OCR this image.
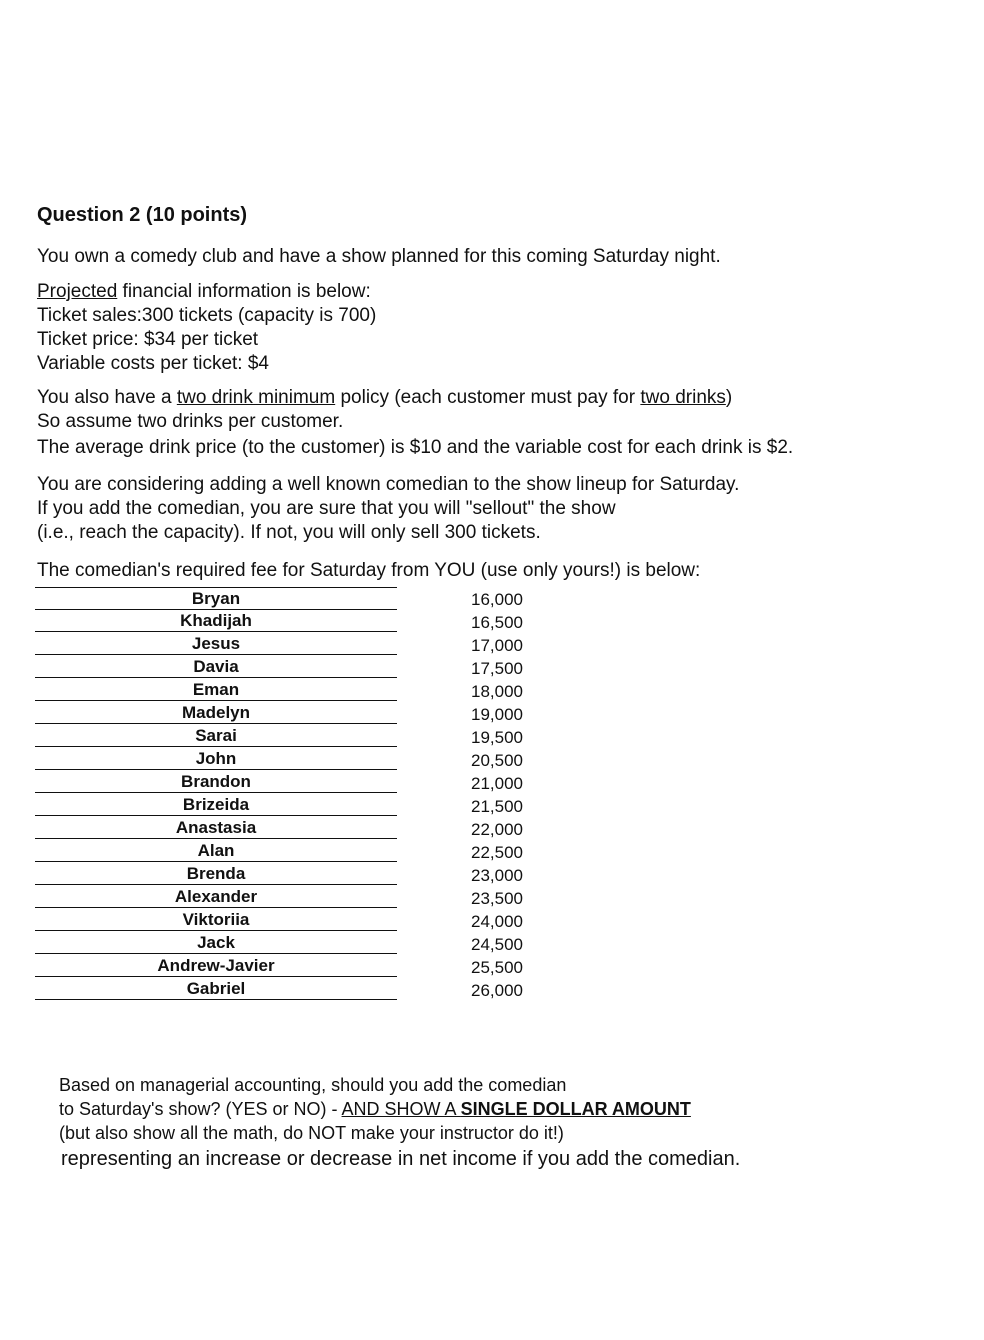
Question 2 (10 points)
You own a comedy club and have a show planned for this coming Saturday night.
Projected financial information is below:
Ticket sales:300 tickets (capacity is 700)
Ticket price: $34 per ticket
Variable costs per ticket: $4
You also have a two drink minimum policy (each customer must pay for two drinks)
So assume two drinks per customer.
The average drink price (to the customer) is $10 and the variable cost for each drink is $2.
You are considering adding a well known comedian to the show lineup for Saturday.
If you add the comedian, you are sure that you will "sellout" the show
(i.e., reach the capacity). If not, you will only sell 300 tickets.
The comedian's required fee for Saturday from YOU (use only yours!) is below:
Bryan	16,000
Khadijah	16,500
Jesus	17,000
Davia	17,500
Eman	18,000
Madelyn	19,000
Sarai	19,500
John	20,500
Brandon	21,000
Brizeida	21,500
Anastasia	22,000
Alan	22,500
Brenda	23,000
Alexander	23,500
Viktoriia	24,000
Jack	24,500
Andrew-Javier	25,500
Gabriel	26,000
Based on managerial accounting, should you add the comedian
to Saturday's show? (YES or NO) - AND SHOW A SINGLE DOLLAR AMOUNT
(but also show all the math, do NOT make your instructor do it!)
representing an increase or decrease in net income if you add the comedian.
